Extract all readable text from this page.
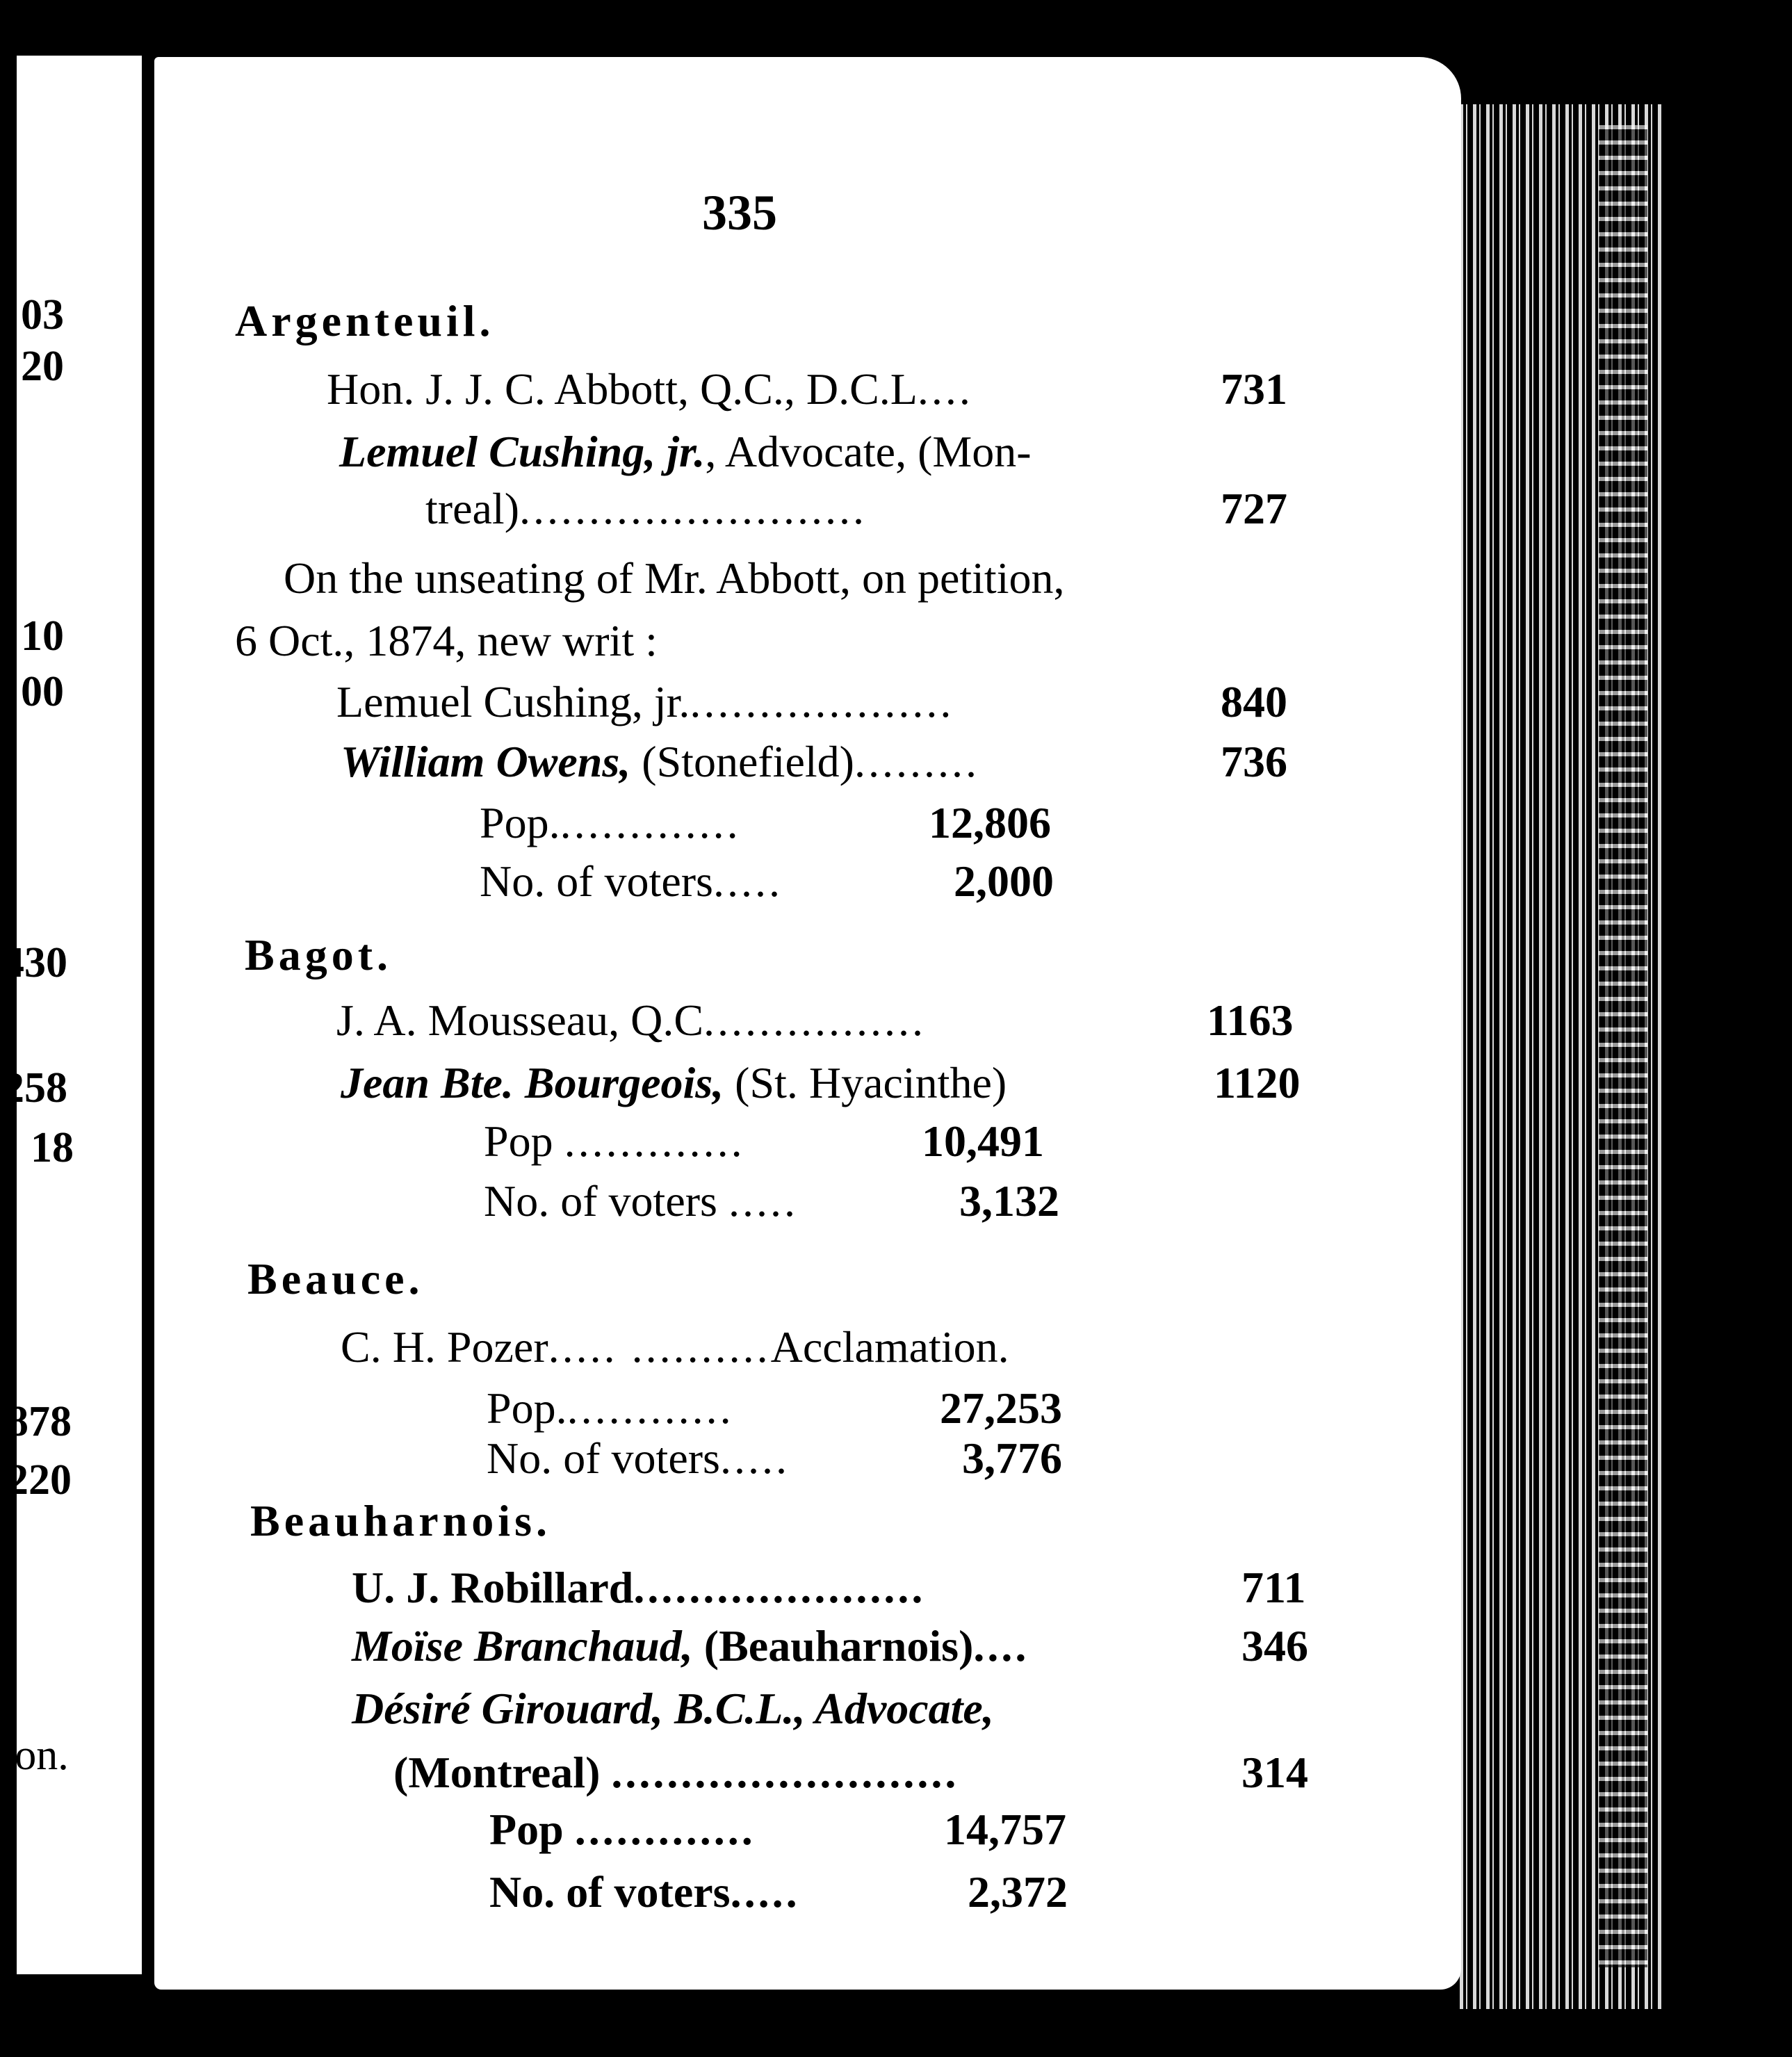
03
20
10
00
430
258
18
878
220
ion.
335
Argenteuil.
Hon. J. J. C. Abbott, Q.C., D.C.L....	731
Lemuel Cushing, jr., Advocate, (Mon-
treal).........................	727
On the unseating of Mr. Abbott, on petition,
6 Oct., 1874, new writ :
Lemuel Cushing, jr....................	840
William Owens, (Stonefield).........	736
Pop..............	12,806
No. of voters.....	2,000
Bagot.
J. A. Mousseau, Q.C................	1163
Jean Bte. Bourgeois, (St. Hyacinthe)	1120
Pop .............	10,491
No. of voters .....	3,132
Beauce.
C. H. Pozer..... ..........Acclamation.
Pop.............	27,253
No. of voters.....	3,776
Beauharnois.
U. J. Robillard.....................	711
Moïse Branchaud, (Beauharnois)....	346
Désiré Girouard, B.C.L., Advocate,
(Montreal) .........................	314
Pop .............	14,757
No. of voters.....	2,372
